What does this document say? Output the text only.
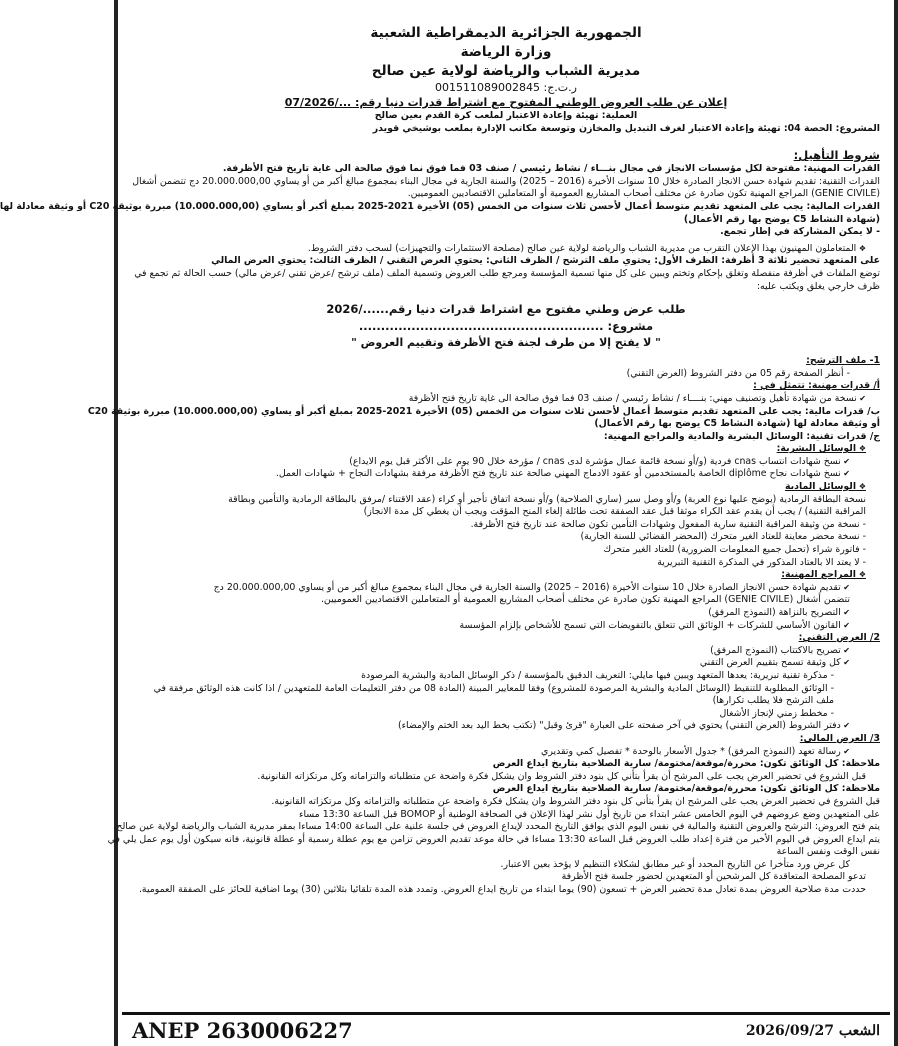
الجمهورية الجزائرية الديمقراطية الشعبية
وزارة الرياضة
مديرية الشباب والرياضة لولاية عين صالح
ر.ت.ج: 001511089002845
إعلان عن طلب العروض الوطني المفتوح مع اشتراط قدرات دنيا رقم: .../07/2026
العملية: تهيئة وإعادة الاعتبار لملعب كرة القدم بعين صالح
المشروع: الحصة 04: تهيئة وإعادة الاعتبار لغرف التبديل والمخازن وتوسعة مكاتب الإدارة بملعب بوشيخي قويدر
شروط التأهيل:
القدرات المهنية: مفتوحة لكل مؤسسات الانجاز في مجال بنـــاء / نشاط رئيسي / صنف 03 فما فوق نما فوق صالحة الى غاية تاريخ فتح الأظرفة.
القدرات التقنية: تقديم شهادة حسن الانجاز الصادرة خلال 10 سنوات الأخيرة (2016 – 2025) والسنة الجارية في مجال البناء بمجموع مبالغ أكبر من أو يساوي 20.000.000,00 دج تتضمن أشغال
(GENIE CIVILE) المراجع المهنية تكون صادرة عن مختلف أصحاب المشاريع العمومية أو المتعاملين الاقتصاديين العموميين.
القدرات المالية: يجب على المتعهد تقديم متوسط أعمال لأحسن ثلاث سنوات من الخمس (05) الأخيرة 2021-2025 بمبلغ أكبر أو يساوي (10.000.000,00) مبررة بوثيقة C20 أو وثيقة معادلة لها
(شهادة النشاط C5 يوضح بها رقم الأعمال)
- لا يمكن المشاركة في إطار تجمع.
❖ المتعاملون المهنيون بهذا الإعلان التقرب من مديرية الشباب والرياضة لولاية عين صالح (مصلحة الاستثمارات والتجهيزات) لسحب دفتر الشروط.
على المتعهد تحضير ثلاثة 3 أظرفة: الظرف الأول: يحتوي ملف الترشح / الظرف الثاني: يحتوي العرض التقني / الظرف الثالث: يحتوي العرض المالي
توضع الملفات في أظرفة منفصلة وتغلق بإحكام وتختم ويبين على كل منها تسمية المؤسسة ومرجع طلب العروض وتسمية الملف (ملف ترشح /عرض تقني /عرض مالي) حسب الحالة ثم تجمع في
ظرف خارجي يغلق ويكتب عليه:
طلب عرض وطني مفتوح مع اشتراط قدرات دنيا رقم....../2026
مشروع: ........................................................
" لا يفتح إلا من طرف لجنة فتح الأظرفة وتقييم العروض "
1- ملف الترشح:
- أنظر الصفحة رقم 05 من دفتر الشروط (العرض التقني)
أ/ قدرات مهنية: تتمثل في :
✔ نسخة من شهادة تأهيل وتصنيف مهني: بنــــاء / نشاط رئيسي / صنف 03 فما فوق صالحة الى غاية تاريخ فتح الأظرفة
ب/ قدرات مالية: يجب على المتعهد تقديم متوسط أعمال لأحسن ثلاث سنوات من الخمس (05) الأخيرة 2021-2025 بمبلغ أكبر أو يساوي (10.000.000,00) مبررة بوثيقة C20
أو وثيقة معادلة لها (شهادة النشاط C5 يوضح بها رقم الأعمال)
ج/ قدرات تقنية: الوسائل البشرية والمادية والمراجع المهنية:
❖ الوسائل البشرية:
✔ نسخ شهادات انتساب cnas فردية (و/أو نسخة قائمة عمال مؤشرة لدى cnas / مؤرخة خلال 90 يوم على الأكثر قبل يوم الايداع)
✔ نسخ شهادات نجاح diplôme الخاصة بالمستخدمين أو عقود الادماج المهني صالحة عند تاريخ فتح الأظرفة مرفقة بشهادات النجاح + شهادات العمل.
❖ الوسائل المادية
نسخة البطاقة الرمادية (يوضح عليها نوع العربة) و/أو وصل سير (ساري الصلاحية) و/أو نسخة اتفاق تأجير أو كراء (عقد الاقتناء /مرفق بالبطاقة الرمادية والتأمين وبطاقة
المراقبة التقنية) / يجب أن يقدم عقد الكراء موثقا قبل عقد الصفقة تحت طائلة إلغاء المنح المؤقت ويجب أن يغطي كل مدة الانجاز)
- نسخة من وثيقة المراقبة التقنية سارية المفعول وشهادات التأمين تكون صالحة عند تاريخ فتح الأظرفة.
- نسخة محضر معاينة للعتاد الغير متحرك (المحضر القضائي للسنة الجارية)
- فاتورة شراء (تحمل جميع المعلومات الضرورية) للعتاد الغير متحرك
- لا يعتد الا بالعتاد المذكور في المذكرة التقنية التبريرية
❖ المراجع المهنية:
✔ تقديم شهادة حسن الانجاز الصادرة خلال 10 سنوات الأخيرة (2016 – 2025) والسنة الجارية في مجال البناء بمجموع مبالغ أكبر من أو يساوي 20.000.000,00 دج
تتضمن أشغال (GENIE CIVILE) المراجع المهنية تكون صادرة عن مختلف أصحاب المشاريع العمومية أو المتعاملين الاقتصاديين العموميين.
✔ التصريح بالنزاهة (النموذج المرفق)
✔ القانون الأساسي للشركات + الوثائق التي تتعلق بالتفويضات التي تسمح للأشخاص بإلزام المؤسسة
2/ العرض التقني:
✔ تصريح بالاكتتاب (النموذج المرفق)
✔ كل وثيقة تسمح بتقييم العرض التقني
- مذكرة تقنية تبريرية: يعدها المتعهد ويبين فيها مايلي: التعريف الدقيق بالمؤسسة / ذكر الوسائل المادية والبشرية المرصودة
- الوثائق المطلوبة للتنقيط (الوسائل المادية والبشرية المرصودة للمشروع) وفقا للمعايير المبينة (المادة 08 من دفتر التعليمات العامة للمتعهدين / اذا كانت هذه الوثائق مرفقة في
ملف الترشح فلا يطلب تكرارها)
- مخطط زمني لإنجاز الأشغال
✔ دفتر الشروط (العرض التقني) يحتوي في آخر صفحته على العبارة "قرئ وقبل" (تكتب بخط اليد بعد الختم والإمضاء)
3/ العرض المالي:
✔ رسالة تعهد (النموذج المرفق) * جدول الأسعار بالوحدة * تفصيل كمي وتقديري
ملاحظة: كل الوثائق تكون: محررة/موقعة/مختومة/ سارية الصلاحية بتاريخ ايداع العرض
قبل الشروع في تحضير العرض يجب على المرشح أن يقرأ بتأني كل بنود دفتر الشروط وان يشكل فكرة واضحة عن متطلباته والتزاماته وكل مرتكزاته القانونية.
ملاحظة: كل الوثائق تكون: محررة/موقعة/مختومة/ سارية الصلاحية بتاريخ ايداع العرض
قبل الشروع في تحضير العرض يجب على المرشح ان يقرأ بتأني كل بنود دفتر الشروط وان يشكل فكرة واضحة عن متطلباته والتزاماته وكل مرتكزاته القانونية.
على المتعهدين وضع عروضهم في اليوم الخامس عشر ابتداء من تاريخ أول نشر لهذا الإعلان في الصحافة الوطنية أو BOMOP قبل الساعة 13:30 مساء
يتم فتح العروض: الترشح والعروض التقنية والمالية في نفس اليوم الذي يوافق التاريخ المحدد لإيداع العروض في جلسة علنية على الساعة 14:00 مساءا بمقر مديرية الشباب والرياضة لولاية عين صالح.
يتم ايداع العروض في اليوم الأخير من فترة إعداد طلب العروض قبل الساعة 13:30 مساءا في حالة موعد تقديم العروض تزامن مع يوم عطلة رسمية أو عطلة قانونية، فانه سيكون أول يوم عمل يلي في
نفس الوقت ونفس الساعة
كل عرض ورد متأخرا عن التاريخ المحدد أو غير مطابق لشكلاء التنظيم لا يؤخذ بعين الاعتبار.
تدعو المصلحة المتعاقدة كل المرشحين أو المتعهدين لحضور جلسة فتح الأظرفة
حددت مدة صلاحية العروض بمدة تعادل مدة تحضير العرض + تسعون (90) يوما ابتداء من تاريخ ايداع العروض. وتمدد هذه المدة تلقائيا بثلاثين (30) يوما اضافية للحائز على الصفقة العمومية.
ANEP 2630006227	الشعب 2026/09/27
